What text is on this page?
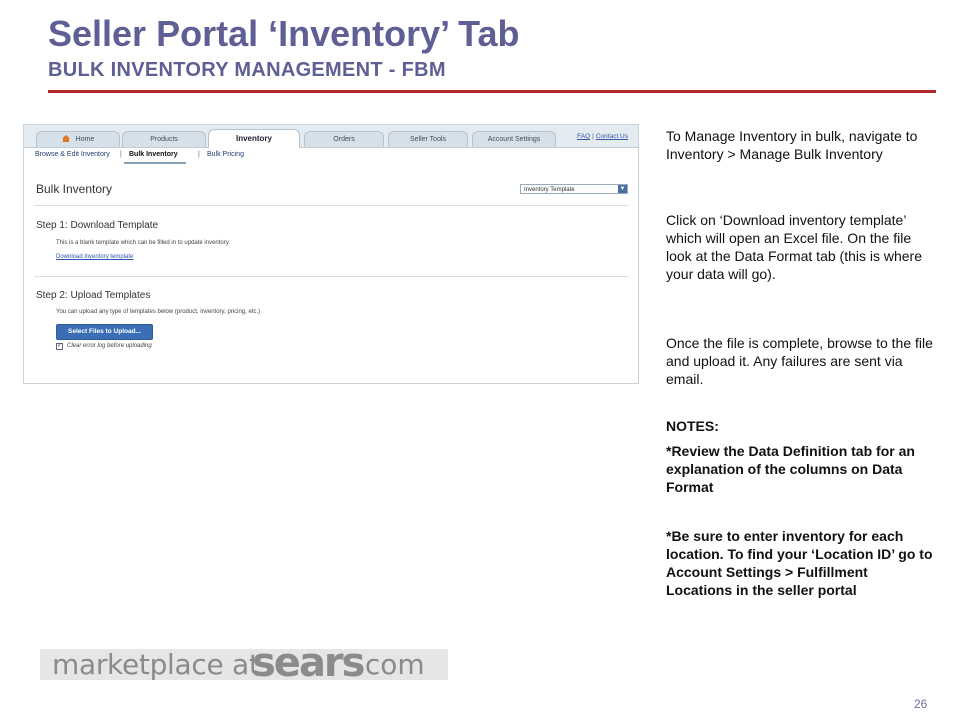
Seller Portal ‘Inventory’ Tab
BULK INVENTORY MANAGEMENT - FBM
Home	Products	Inventory	Orders	Seller Tools	Account Settings	FAQ | Contact Us
Browse & Edit Inventory | Bulk Inventory	| Bulk Pricing
Bulk Inventory	Inventory Template	▼
Step 1: Download Template
This is a blank template which can be filled in to update inventory.
Download inventory template
Step 2: Upload Templates
You can upload any type of templates below (product, inventory, pricing, etc.)
Select Files to Upload...
✓ Clear error log before uploading
To Manage Inventory in bulk, navigate to Inventory > Manage Bulk Inventory
Click on ‘Download inventory template’ which will open an Excel file. On the file look at the Data Format tab (this is where your data will go).
Once the file is complete, browse to the file and upload it. Any failures are sent via email.
NOTES:
*Review the Data Definition tab for an explanation of the columns on Data Format
*Be sure to enter inventory for each location. To find your ‘Location ID’ go to Account Settings > Fulfillment Locations in the seller portal
marketplace at
sears
.com
26
